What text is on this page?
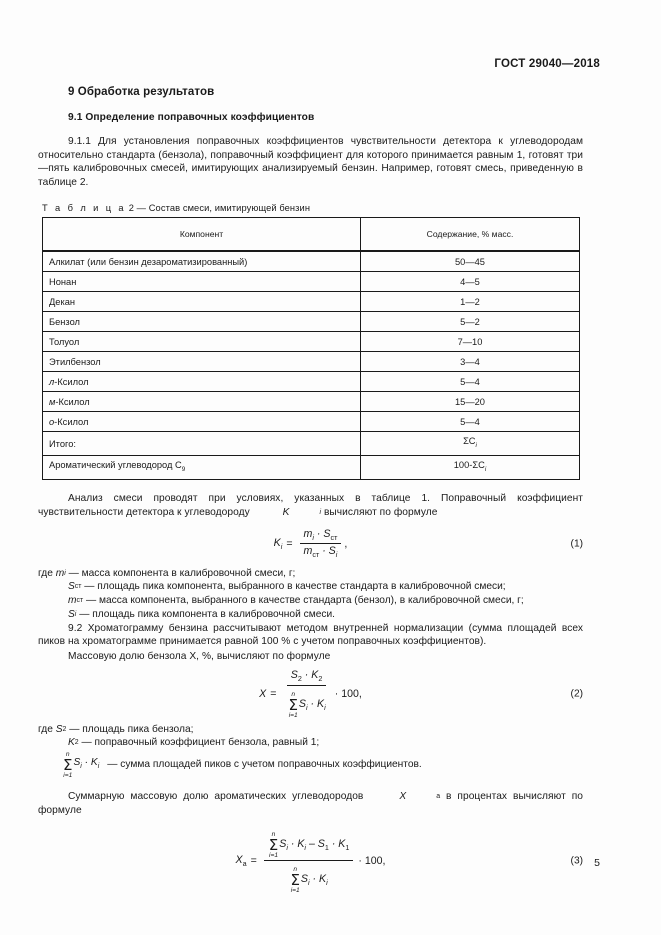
ГОСТ 29040—2018
9 Обработка результатов
9.1 Определение поправочных коэффициентов

9.1.1 Для установления поправочных коэффициентов чувствительности детектора к углеводородам относительно стандарта (бензола), поправочный коэффициент для которого принимается равным 1, готовят три—пять калибровочных смесей, имитирующих анализируемый бензин. Например, готовят смесь, приведенную в таблице 2.

Т а б л и ц а 2 — Состав смеси, имитирующей бензин
Компонент	Содержание, % масс.
Алкилат (или бензин дезароматизированный)	50—45
Нонан	4—5
Декан	1—2
Бензол	5—2
Толуол	7—10
Этилбензол	3—4
л-Ксилол	5—4
м-Ксилол	15—20
о-Ксилол	5—4
Итого:	$\Sigma C_i$
Ароматический углеводород $C_9$	$100-\Sigma C_i$

Анализ смеси проводят при условиях, указанных в таблице 1. Поправочный коэффициент чувствительности детектора к углеводороду	K	i вычисляют по формуле

$K_i = \frac{m_i \cdot S_{ст}}{m_{ст} \cdot S_i}$ ,	(1)
где m i — масса компонента в калибровочной смеси, г;
S ст — площадь пика компонента, выбранного в качестве стандарта в калибровочной смеси;
m ст — масса компонента, выбранного в качестве стандарта (бензол), в калибровочной смеси, г;
S i — площадь пика компонента в калибровочной смеси.

9.2 Хроматограмму бензина рассчитывают методом внутренней нормализации (сумма площадей всех пиков на хроматограмме принимается равной 100 % с учетом поправочных коэффициентов).

Массовую долю бензола X, %, вычисляют по формуле

X =
$S_2 \cdot K_2$
n
Σ
i=1
$S_i \cdot K_i$
· 100,	(2)
где S 2 — площадь пика бензола;
K 2 — поправочный коэффициент бензола, равный 1;
n
Σ
i=1
$S_i \cdot K_i$ — сумма площадей пиков с учетом поправочных коэффициентов.

Суммарную массовую долю ароматических углеводородов	X	a в процентах вычисляют по формуле

$X_a$ =
n
Σ
i=1
$S_i \cdot K_i - S_1 \cdot K_1$
n
Σ
i=1
$S_i \cdot K_i$
· 100,	(3) 5
